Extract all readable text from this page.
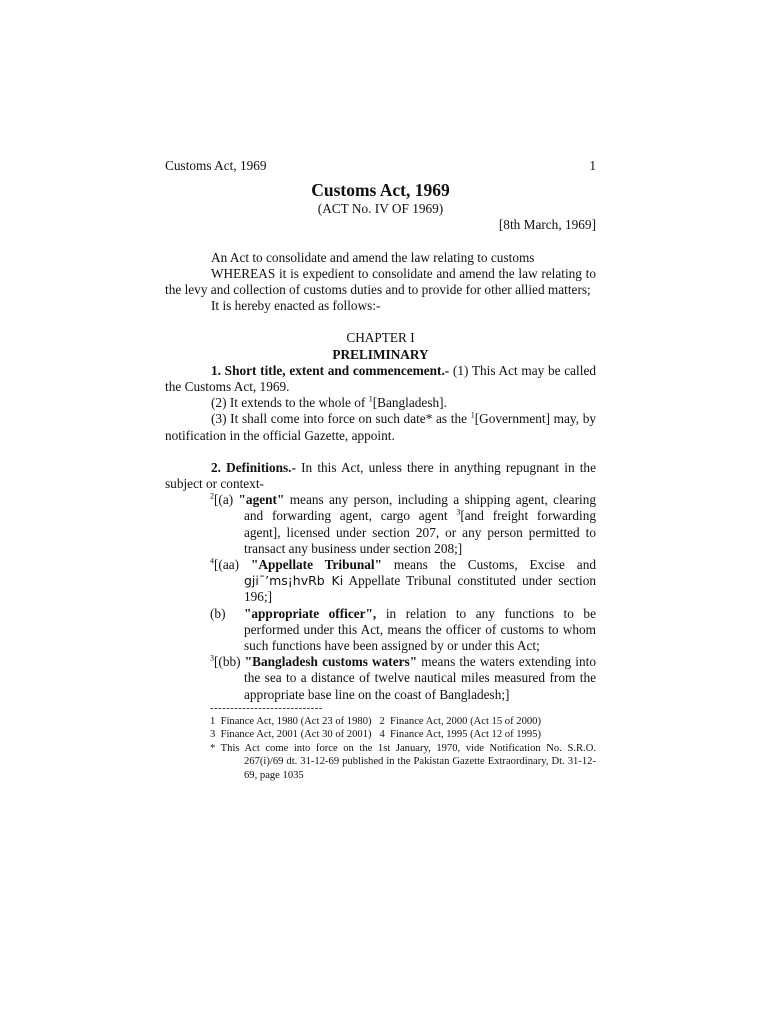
Customs Act, 1969	1
Customs Act, 1969
(ACT No. IV OF 1969)
[8th March, 1969]
An Act to consolidate and amend the law relating to customs
WHEREAS it is expedient to consolidate and amend the law relating to the levy and collection of customs duties and to provide for other allied matters;
It is hereby enacted as follows:-
CHAPTER I
PRELIMINARY
1. Short title, extent and commencement.- (1) This Act may be called the Customs Act, 1969.
(2) It extends to the whole of $^1$[Bangladesh].
(3) It shall come into force on such date* as the $^1$[Government] may, by notification in the official Gazette, appoint.
2. Definitions.- In this Act, unless there in anything repugnant in the subject or context-
$^2$[(a) "agent" means any person, including a shipping agent, clearing and forwarding agent, cargo agent $^3$[and freight forwarding agent], licensed under section 207, or any person permitted to transact any business under section 208;]
$^4$[(aa) "Appellate Tribunal" means the Customs, Excise and gji¯’ms¡hvRb Ki Appellate Tribunal constituted under section 196;]
(b) "appropriate officer", in relation to any functions to be performed under this Act, means the officer of customs to whom such functions have been assigned by or under this Act;
$^3$[(bb) "Bangladesh customs waters" means the waters extending into the sea to a distance of twelve nautical miles measured from the appropriate base line on the coast of Bangladesh;]
----------------------------
1  Finance Act, 1980 (Act 23 of 1980)   2  Finance Act, 2000 (Act 15 of 2000)
3  Finance Act, 2001 (Act 30 of 2001)   4  Finance Act, 1995 (Act 12 of 1995)
* This Act come into force on the 1st January, 1970, vide Notification No. S.R.O. 267(i)/69 dt. 31-12-69 published in the Pakistan Gazette Extraordinary, Dt. 31-12-69, page 1035
